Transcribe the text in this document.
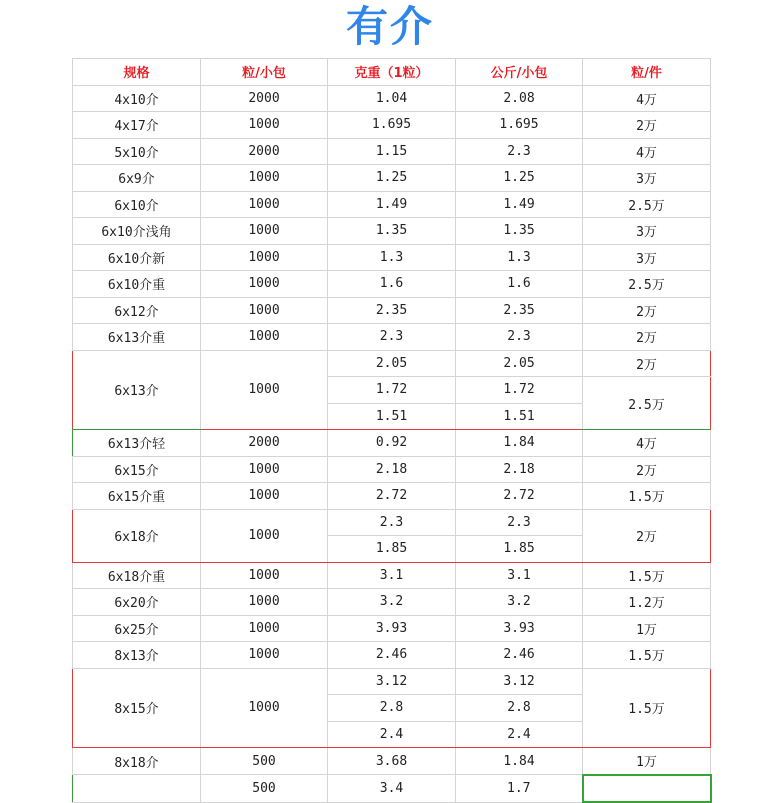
有介
规格	粒/小包	克重（1粒）	公斤/小包	粒/件
4x10介	2000	1.04	2.08	4万
4x17介	1000	1.695	1.695	2万
5x10介	2000	1.15	2.3	4万
6x9介	1000	1.25	1.25	3万
6x10介	1000	1.49	1.49	2.5万
6x10介浅角	1000	1.35	1.35	3万
6x10介新	1000	1.3	1.3	3万
6x10介重	1000	1.6	1.6	2.5万
6x12介	1000	2.35	2.35	2万
6x13介重	1000	2.3	2.3	2万
6x13介	1000	2.05	2.05	2万
		1.72	1.72	2.5万
		1.51	1.51	
6x13介轻	2000	0.92	1.84	4万
6x15介	1000	2.18	2.18	2万
6x15介重	1000	2.72	2.72	1.5万
6x18介	1000	2.3	2.3	2万
		1.85	1.85	
6x18介重	1000	3.1	3.1	1.5万
6x20介	1000	3.2	3.2	1.2万
6x25介	1000	3.93	3.93	1万
8x13介	1000	2.46	2.46	1.5万
8x15介	1000	3.12	3.12	1.5万
		2.8	2.8	
		2.4	2.4	
8x18介	500	3.68	1.84	1万
	500	3.4	1.7	
